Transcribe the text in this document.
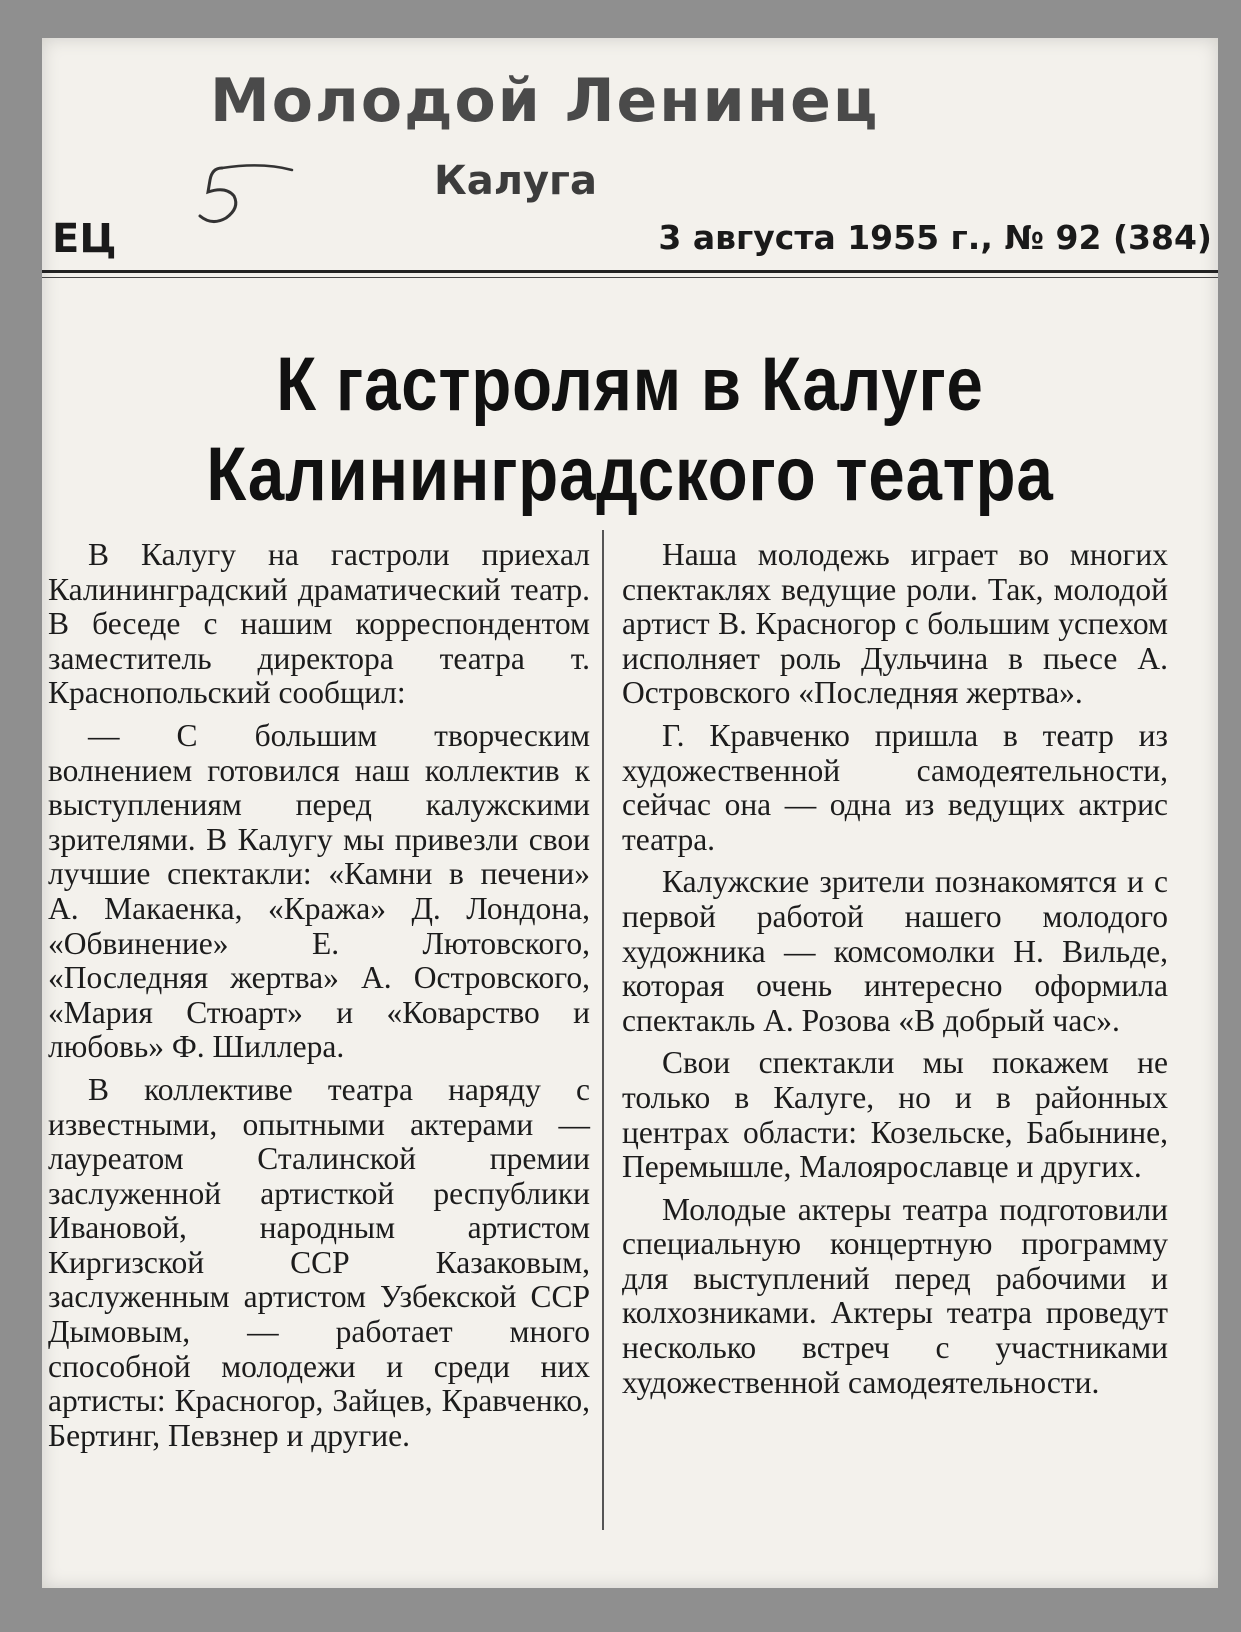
Молодой Ленинец
Калуга
ЕЦ	3 августа 1955 г., № 92 (384)
К гастролям в Калуге
Калининградского театра

В Калугу на гастроли приехал Калининградский драматический театр. В беседе с нашим корреспондентом заместитель директора театра т. Краснопольский сообщил:

— С большим творческим волнением готовился наш коллектив к выступлениям перед калужскими зрителями. В Калугу мы привезли свои лучшие спектакли: «Камни в печени» А. Макаенка, «Кража» Д. Лондона, «Обвинение» Е. Лютовского, «Последняя жертва» А. Островского, «Мария Стюарт» и «Коварство и любовь» Ф. Шиллера.

В коллективе театра наряду с известными, опытными актерами — лауреатом Сталинской премии заслуженной артисткой республики Ивановой, народным артистом Киргизской ССР Казаковым, заслуженным артистом Узбекской ССР Дымовым, — работает много способной молодежи и среди них артисты: Красногор, Зайцев, Кравченко, Бертинг, Певзнер и другие.

Наша молодежь играет во многих спектаклях ведущие роли. Так, молодой артист В. Красногор с большим успехом исполняет роль Дульчина в пьесе А. Островского «Последняя жертва».

Г. Кравченко пришла в театр из художественной самодеятельности, сейчас она — одна из ведущих актрис театра.

Калужские зрители познакомятся и с первой работой нашего молодого художника — комсомолки Н. Вильде, которая очень интересно оформила спектакль А. Розова «В добрый час».

Свои спектакли мы покажем не только в Калуге, но и в районных центрах области: Козельске, Бабынине, Перемышле, Малоярославце и других.

Молодые актеры театра подготовили специальную концертную программу для выступлений перед рабочими и колхозниками. Актеры театра проведут несколько встреч с участниками художественной самодеятельности.
